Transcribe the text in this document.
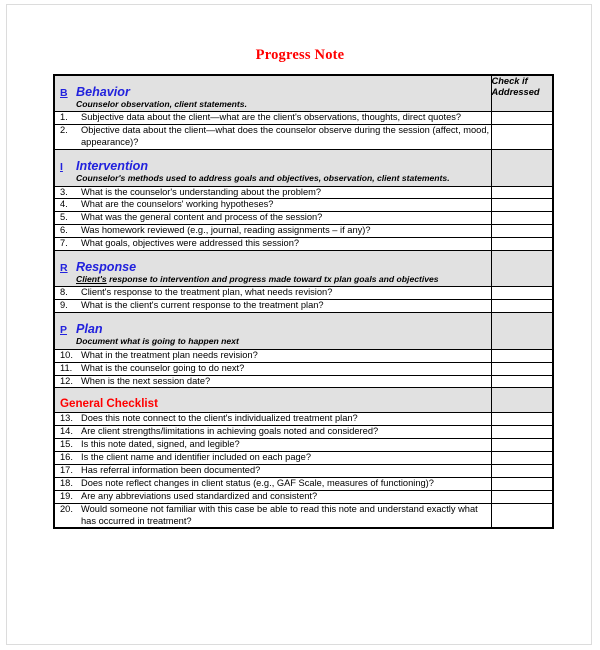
Progress Note
B Behavior
Counselor observation, client statements.	Check if Addressed

1. Subjective data about the client—what are the client's observations, thoughts, direct quotes?	

2. Objective data about the client—what does the counselor observe during the session (affect, mood, appearance)?	

I Intervention
Counselor's methods used to address goals and objectives, observation, client statements.	

3. What is the counselor's understanding about the problem?	

4. What are the counselors' working hypotheses?	

5. What was the general content and process of the session?	

6. Was homework reviewed (e.g., journal, reading assignments – if any)?	

7. What goals, objectives were addressed this session?	

R Response
Client's response to intervention and progress made toward tx plan goals and objectives	

8. Client's response to the treatment plan, what needs revision?	

9. What is the client's current response to the treatment plan?	

P Plan
Document what is going to happen next	

10. What in the treatment plan needs revision?	

11. What is the counselor going to do next?	

12. When is the next session date?	

General Checklist	

13. Does this note connect to the client's individualized treatment plan?	

14. Are client strengths/limitations in achieving goals noted and considered?	

15. Is this note dated, signed, and legible?	

16. Is the client name and identifier included on each page?	

17. Has referral information been documented?	

18. Does note reflect changes in client status (e.g., GAF Scale, measures of functioning)?	

19. Are any abbreviations used standardized and consistent?	

20. Would someone not familiar with this case be able to read this note and understand exactly what has occurred in treatment?	
